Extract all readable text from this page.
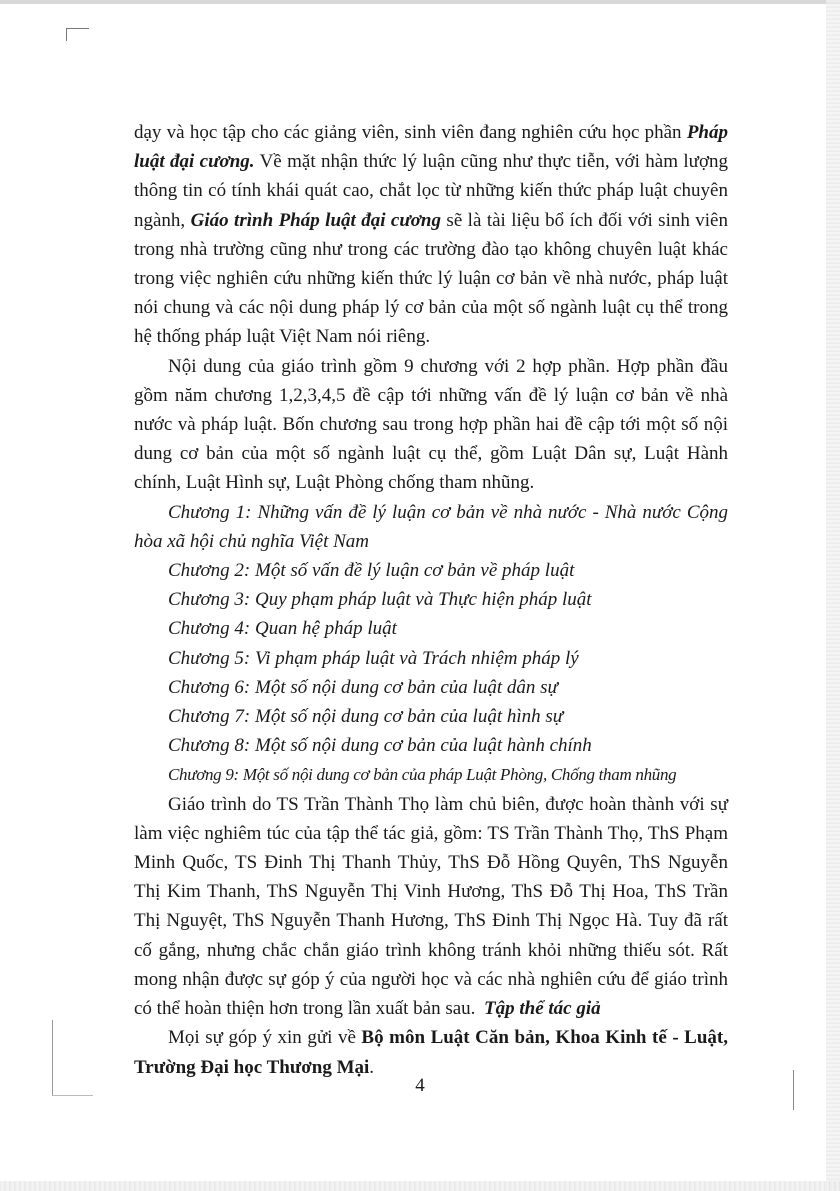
dạy và học tập cho các giảng viên, sinh viên đang nghiên cứu học phần Pháp luật đại cương. Về mặt nhận thức lý luận cũng như thực tiễn, với hàm lượng thông tin có tính khái quát cao, chắt lọc từ những kiến thức pháp luật chuyên ngành, Giáo trình Pháp luật đại cương sẽ là tài liệu bổ ích đối với sinh viên trong nhà trường cũng như trong các trường đào tạo không chuyên luật khác trong việc nghiên cứu những kiến thức lý luận cơ bản về nhà nước, pháp luật nói chung và các nội dung pháp lý cơ bản của một số ngành luật cụ thể trong hệ thống pháp luật Việt Nam nói riêng.

Nội dung của giáo trình gồm 9 chương với 2 hợp phần. Hợp phần đầu gồm năm chương 1,2,3,4,5 đề cập tới những vấn đề lý luận cơ bản về nhà nước và pháp luật. Bốn chương sau trong hợp phần hai đề cập tới một số nội dung cơ bản của một số ngành luật cụ thể, gồm Luật Dân sự, Luật Hành chính, Luật Hình sự, Luật Phòng chống tham nhũng.

Chương 1: Những vấn đề lý luận cơ bản về nhà nước - Nhà nước Cộng hòa xã hội chủ nghĩa Việt Nam

Chương 2: Một số vấn đề lý luận cơ bản về pháp luật

Chương 3: Quy phạm pháp luật và Thực hiện pháp luật

Chương 4: Quan hệ pháp luật

Chương 5: Vi phạm pháp luật và Trách nhiệm pháp lý

Chương 6: Một số nội dung cơ bản của luật dân sự

Chương 7: Một số nội dung cơ bản của luật hình sự

Chương 8: Một số nội dung cơ bản của luật hành chính

Chương 9: Một số nội dung cơ bản của pháp Luật Phòng, Chống tham nhũng

Giáo trình do TS Trần Thành Thọ làm chủ biên, được hoàn thành với sự làm việc nghiêm túc của tập thể tác giả, gồm: TS Trần Thành Thọ, ThS Phạm Minh Quốc, TS Đinh Thị Thanh Thủy, ThS Đỗ Hồng Quyên, ThS Nguyễn Thị Kim Thanh, ThS Nguyễn Thị Vinh Hương, ThS Đỗ Thị Hoa, ThS Trần Thị Nguyệt, ThS Nguyễn Thanh Hương, ThS Đinh Thị Ngọc Hà. Tuy đã rất cố gắng, nhưng chắc chắn giáo trình không tránh khỏi những thiếu sót. Rất mong nhận được sự góp ý của người học và các nhà nghiên cứu để giáo trình có thể hoàn thiện hơn trong lần xuất bản sau.

Mọi sự góp ý xin gửi về Bộ môn Luật Căn bản, Khoa Kinh tế - Luật, Trường Đại học Thương Mại.

Tập thể tác giả
4
